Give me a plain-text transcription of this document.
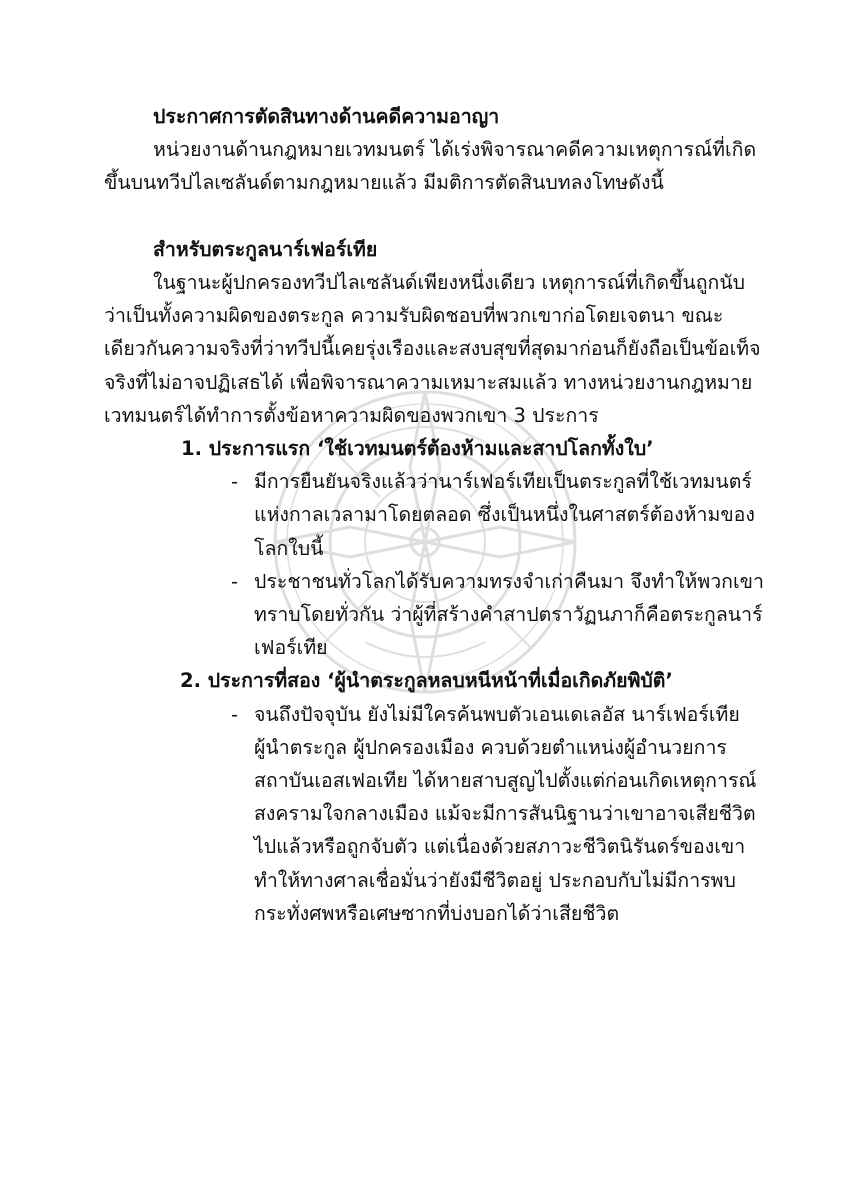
ประกาศการตัดสินทางด้านคดีความอาญา

หน่วยงานด้านกฎหมายเวทมนตร์ ได้เร่งพิจารณาคดีความเหตุการณ์ที่เกิดขึ้นบนทวีปไลเซลันด์ตามกฎหมายแล้ว มีมติการตัดสินบทลงโทษดังนี้

สำหรับตระกูลนาร์เฟอร์เทีย

ในฐานะผู้ปกครองทวีปไลเซลันด์เพียงหนึ่งเดียว เหตุการณ์ที่เกิดขึ้นถูกนับว่าเป็นทั้งความผิดของตระกูล ความรับผิดชอบที่พวกเขาก่อโดยเจตนา ขณะเดียวกันความจริงที่ว่าทวีปนี้เคยรุ่งเรืองและสงบสุขที่สุดมาก่อนก็ยังถือเป็นข้อเท็จจริงที่ไม่อาจปฏิเสธได้ เพื่อพิจารณาความเหมาะสมแล้ว ทางหน่วยงานกฎหมายเวทมนตร์ได้ทำการตั้งข้อหาความผิดของพวกเขา 3 ประการ

1. ประการแรก ‘ใช้เวทมนตร์ต้องห้ามและสาปโลกทั้งใบ’

- มีการยืนยันจริงแล้วว่านาร์เฟอร์เทียเป็นตระกูลที่ใช้เวทมนตร์แห่งกาลเวลามาโดยตลอด ซึ่งเป็นหนึ่งในศาสตร์ต้องห้ามของโลกใบนี้
- ประชาชนทั่วโลกได้รับความทรงจำเก่าคืนมา จึงทำให้พวกเขาทราบโดยทั่วกัน ว่าผู้ที่สร้างคำสาปตราวัฏนภาก็คือตระกูลนาร์เฟอร์เทีย

2. ประการที่สอง ‘ผู้นำตระกูลหลบหนีหน้าที่เมื่อเกิดภัยพิบัติ’

- จนถึงปัจจุบัน ยังไม่มีใครค้นพบตัวเอนเดเลอัส นาร์เฟอร์เทีย ผู้นำตระกูล ผู้ปกครองเมือง ควบด้วยตำแหน่งผู้อำนวยการสถาบันเอสเฟอเทีย ได้หายสาบสูญไปตั้งแต่ก่อนเกิดเหตุการณ์สงครามใจกลางเมือง แม้จะมีการสันนิฐานว่าเขาอาจเสียชีวิตไปแล้วหรือถูกจับตัว แต่เนื่องด้วยสภาวะชีวิตนิรันดร์ของเขาทำให้ทางศาลเชื่อมั่นว่ายังมีชีวิตอยู่ ประกอบกับไม่มีการพบกระทั่งศพหรือเศษซากที่บ่งบอกได้ว่าเสียชีวิต
